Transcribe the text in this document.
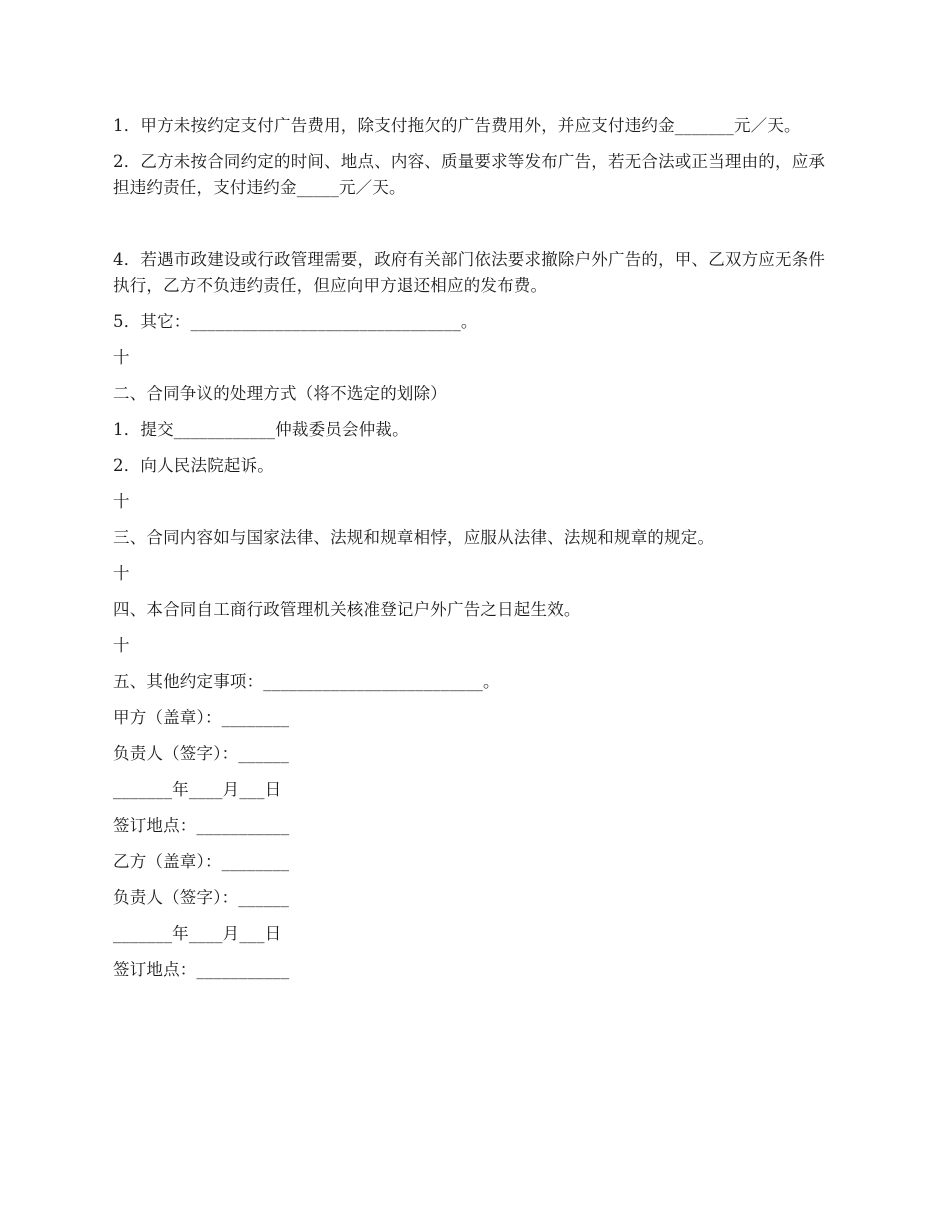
1．甲方未按约定支付广告费用，除支付拖欠的广告费用外，并应支付违约金_______元／天。

2．乙方未按合同约定的时间、地点、内容、质量要求等发布广告，若无合法或正当理由的，应承担违约责任，支付违约金_____元／天。

4．若遇市政建设或行政管理需要，政府有关部门依法要求撤除户外广告的，甲、乙双方应无条件执行，乙方不负违约责任，但应向甲方退还相应的发布费。

5．其它：________________________________。

十

二、合同争议的处理方式（将不选定的划除）

1．提交____________仲裁委员会仲裁。

2．向人民法院起诉。

十

三、合同内容如与国家法律、法规和规章相悖，应服从法律、法规和规章的规定。

十

四、本合同自工商行政管理机关核准登记户外广告之日起生效。

十

五、其他约定事项：__________________________。

甲方（盖章）：________

负责人（签字）：______

_______年____月___日

签订地点：___________

乙方（盖章）：________

负责人（签字）：______

_______年____月___日

签订地点：___________
